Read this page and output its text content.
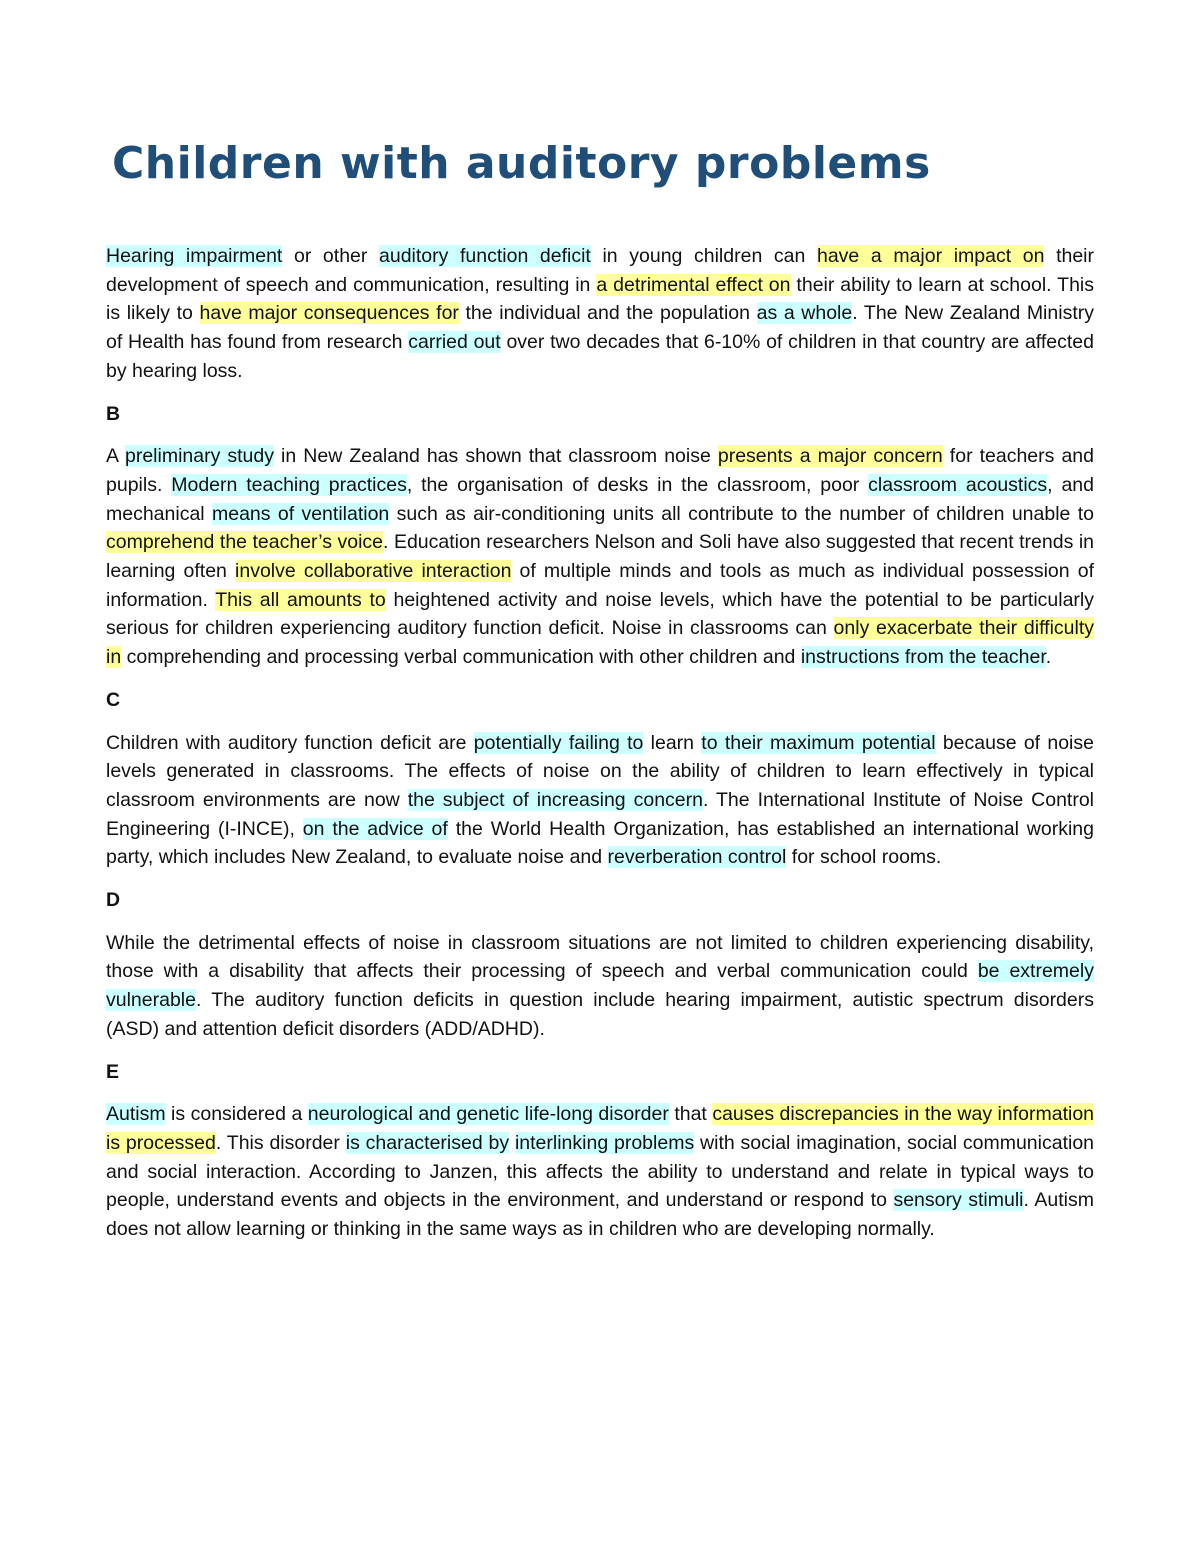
Children with auditory problems

Hearing impairment or other auditory function deficit in young children can have a major impact on their development of speech and communication, resulting in a detrimental effect on their ability to learn at school. This is likely to have major consequences for the individual and the population as a whole. The New Zealand Ministry of Health has found from research carried out over two decades that 6-10% of children in that country are affected by hearing loss.

B

A preliminary study in New Zealand has shown that classroom noise presents a major concern for teachers and pupils. Modern teaching practices, the organisation of desks in the classroom, poor classroom acoustics, and mechanical means of ventilation such as air-conditioning units all contribute to the number of children unable to comprehend the teacher’s voice. Education researchers Nelson and Soli have also suggested that recent trends in learning often involve collaborative interaction of multiple minds and tools as much as individual possession of information. This all amounts to heightened activity and noise levels, which have the potential to be particularly serious for children experiencing auditory function deficit. Noise in classrooms can only exacerbate their difficulty in comprehending and processing verbal communication with other children and instructions from the teacher.

C

Children with auditory function deficit are potentially failing to learn to their maximum potential because of noise levels generated in classrooms. The effects of noise on the ability of children to learn effectively in typical classroom environments are now the subject of increasing concern. The International Institute of Noise Control Engineering (I-INCE), on the advice of the World Health Organization, has established an international working party, which includes New Zealand, to evaluate noise and reverberation control for school rooms.

D

While the detrimental effects of noise in classroom situations are not limited to children experiencing disability, those with a disability that affects their processing of speech and verbal communication could be extremely vulnerable. The auditory function deficits in question include hearing impairment, autistic spectrum disorders (ASD) and attention deficit disorders (ADD/ADHD).

E

Autism is considered a neurological and genetic life-long disorder that causes discrepancies in the way information is processed. This disorder is characterised by interlinking problems with social imagination, social communication and social interaction. According to Janzen, this affects the ability to understand and relate in typical ways to people, understand events and objects in the environment, and understand or respond to sensory stimuli. Autism does not allow learning or thinking in the same ways as in children who are developing normally.
